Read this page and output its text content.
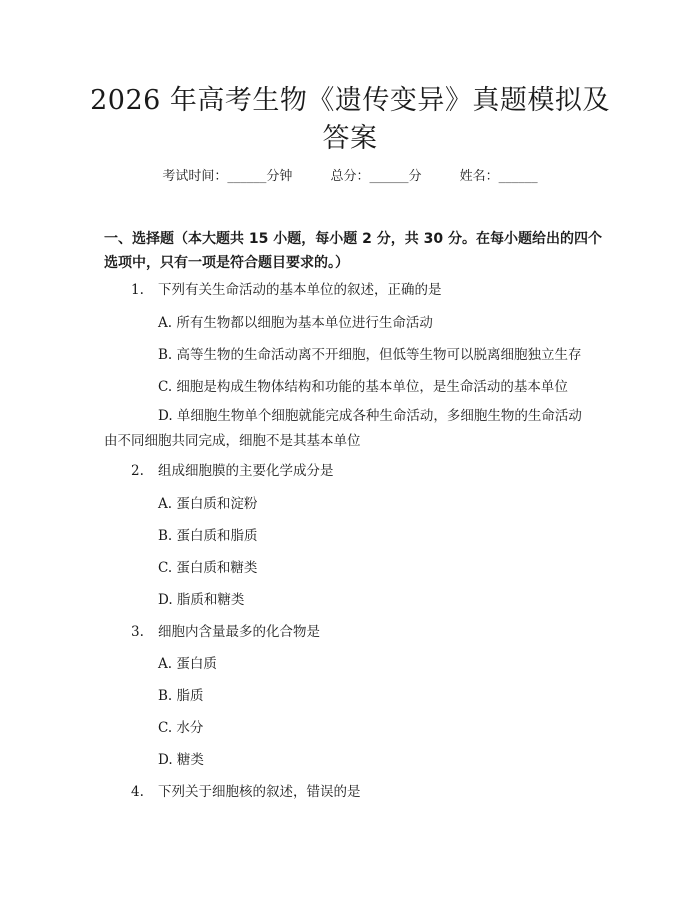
2026 年高考生物《遗传变异》真题模拟及答案
考试时间：______分钟	总分：______分	姓名：______

一、选择题（本大题共 15 小题，每小题 2 分，共 30 分。在每小题给出的四个选项中，只有一项是符合题目要求的。）

1. 下列有关生命活动的基本单位的叙述，正确的是

A. 所有生物都以细胞为基本单位进行生命活动

B. 高等生物的生命活动离不开细胞，但低等生物可以脱离细胞独立生存

C. 细胞是构成生物体结构和功能的基本单位，是生命活动的基本单位

D. 单细胞生物单个细胞就能完成各种生命活动，多细胞生物的生命活动由不同细胞共同完成，细胞不是其基本单位

2. 组成细胞膜的主要化学成分是

A. 蛋白质和淀粉

B. 蛋白质和脂质

C. 蛋白质和糖类

D. 脂质和糖类

3. 细胞内含量最多的化合物是

A. 蛋白质

B. 脂质

C. 水分

D. 糖类

4. 下列关于细胞核的叙述，错误的是
